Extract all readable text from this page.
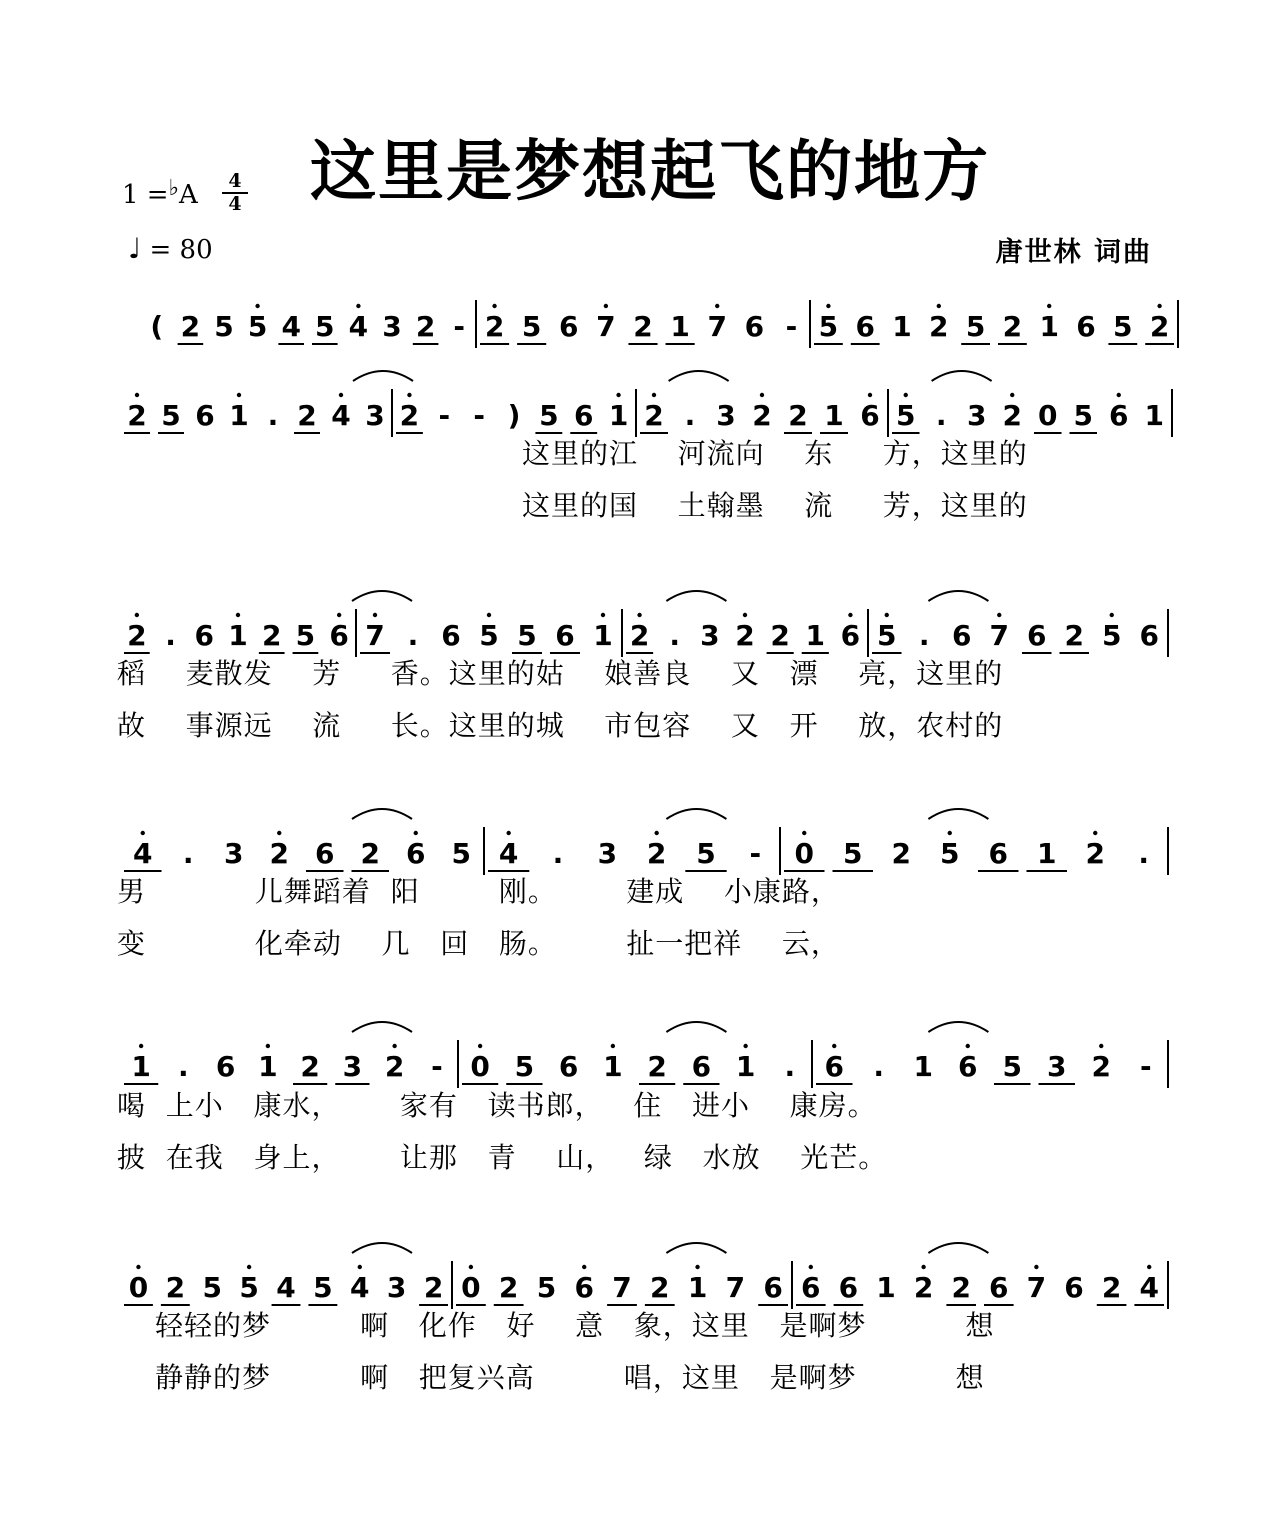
这里是梦想起飞的地方
1 =♭A	4
4
♩ = 80	唐世林 词曲
( 2 5 5 4 5 4 3 2 - 2 5 6 7 2 1 7 6 - 5 6 1 2 5 2 1 6 5 2
2 5 6 1 . 2 4 3 2 - - ) 5 6 1 2 . 3 2 2 1 6 5 . 3 2 0 5 6 1
2 . 6 1 2 5 6 7 . 6 5 5 6 1 2 . 3 2 2 1 6 5 . 6 7 6 2 5 6
4 . 3 2 6 2 6 5 4 . 3 2 5 - 0 5 2 5 6 1 2 .
1 . 6 1 2 3 2 - 0 5 6 1 2 6 1 . 6 . 1 6 5 3 2 -
0 2 5 5 4 5 4 3 2 0 2 5 6 7 2 1 7 6 6 6 1 2 2 6 7 6 2 4
这里的江    河流向    东     方，这里的
这里的国    土翰墨    流     芳，这里的
稻    麦散发    芳     香。这里的姑    娘善良    又   漂    亮，这里的
故    事源远    流     长。这里的城    市包容    又   开    放，农村的
男           儿舞蹈着  阳        刚。       建成    小康路，
变           化牵动    几   回   肠。       扯一把祥    云，
喝  上小   康水，      家有   读书郎，   住   进小    康房。
披  在我   身上，      让那   青    山，   绿   水放    光芒。
轻轻的梦         啊   化作   好    意   象，这里   是啊梦          想
静静的梦         啊   把复兴高         唱，这里   是啊梦          想
